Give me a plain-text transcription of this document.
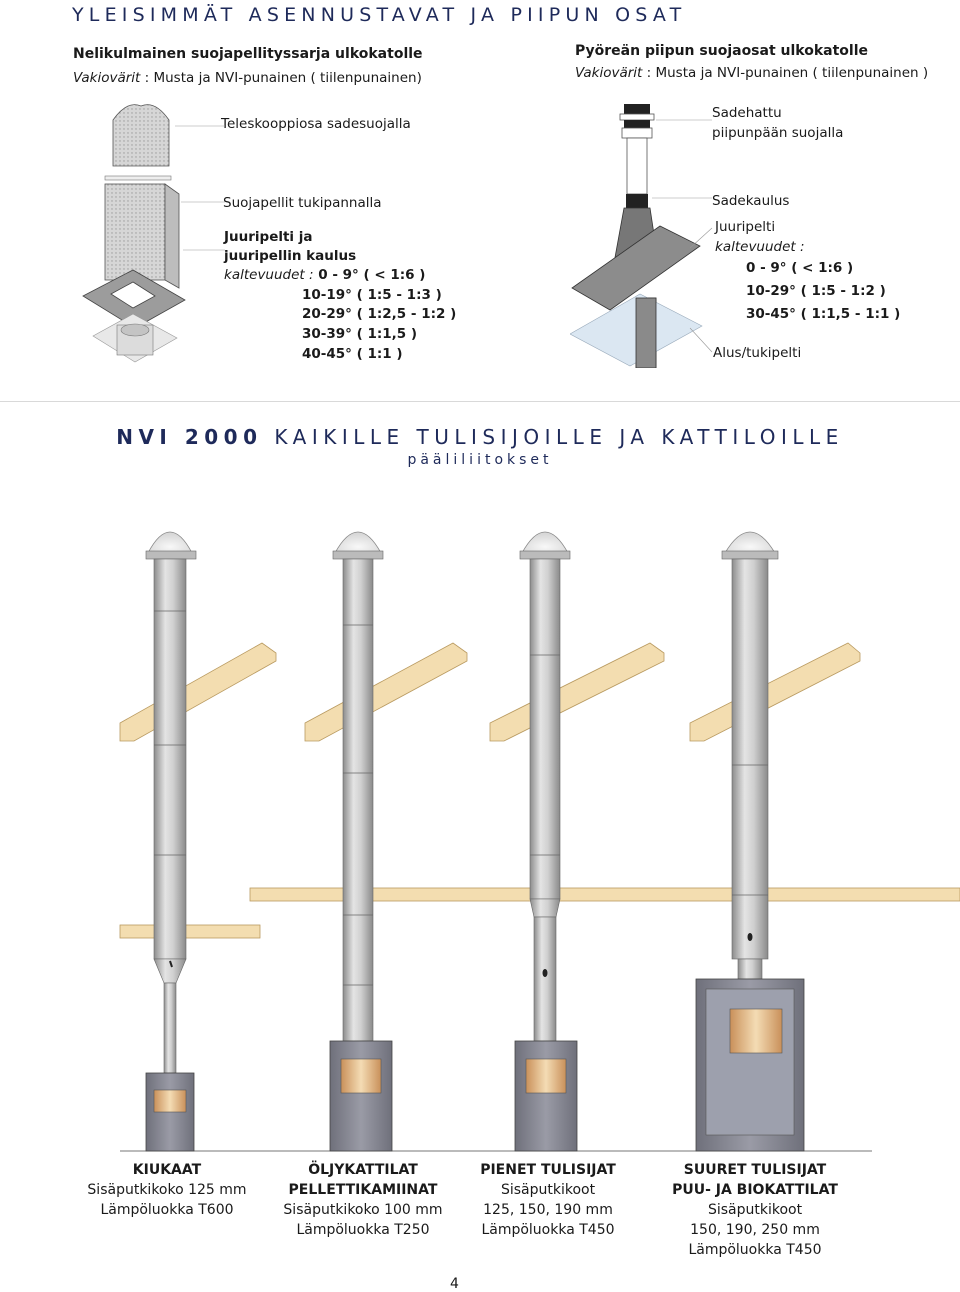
YLEISIMMÄT ASENNUSTAVAT JA PIIPUN OSAT
Nelikulmainen suojapellityssarja ulkokatolle
Vakiovärit : Musta ja NVI-punainen ( tiilenpunainen)
Teleskooppiosa sadesuojalla
Suojapellit tukipannalla
Juuripelti ja
juuripellin kaulus
kaltevuudet : 0 - 9° ( < 1:6 )
10-19° ( 1:5 - 1:3 )
20-29° ( 1:2,5 - 1:2 )
30-39° ( 1:1,5 )
40-45° ( 1:1 )
Pyöreän piipun suojaosat ulkokatolle
Vakiovärit : Musta ja NVI-punainen ( tiilenpunainen )
Sadehattu
piipunpään suojalla
Sadekaulus
Juuripelti
kaltevuudet :
0 - 9° ( < 1:6 )
10-29° ( 1:5 - 1:2 )
30-45° ( 1:1,5 - 1:1 )
Alus/tukipelti
NVI 2000 KAIKILLE TULISIJOILLE JA KATTILOILLE
pääliliitokset
KIUKAAT
Sisäputkikoko 125 mm
Lämpöluokka T600
ÖLJYKATTILAT
PELLETTIKAMIINAT
Sisäputkikoko 100 mm
Lämpöluokka T250
PIENET TULISIJAT
Sisäputkikoot
125, 150, 190 mm
Lämpöluokka T450
SUURET TULISIJAT
PUU- JA BIOKATTILAT
Sisäputkikoot
150, 190, 250 mm
Lämpöluokka T450
4
